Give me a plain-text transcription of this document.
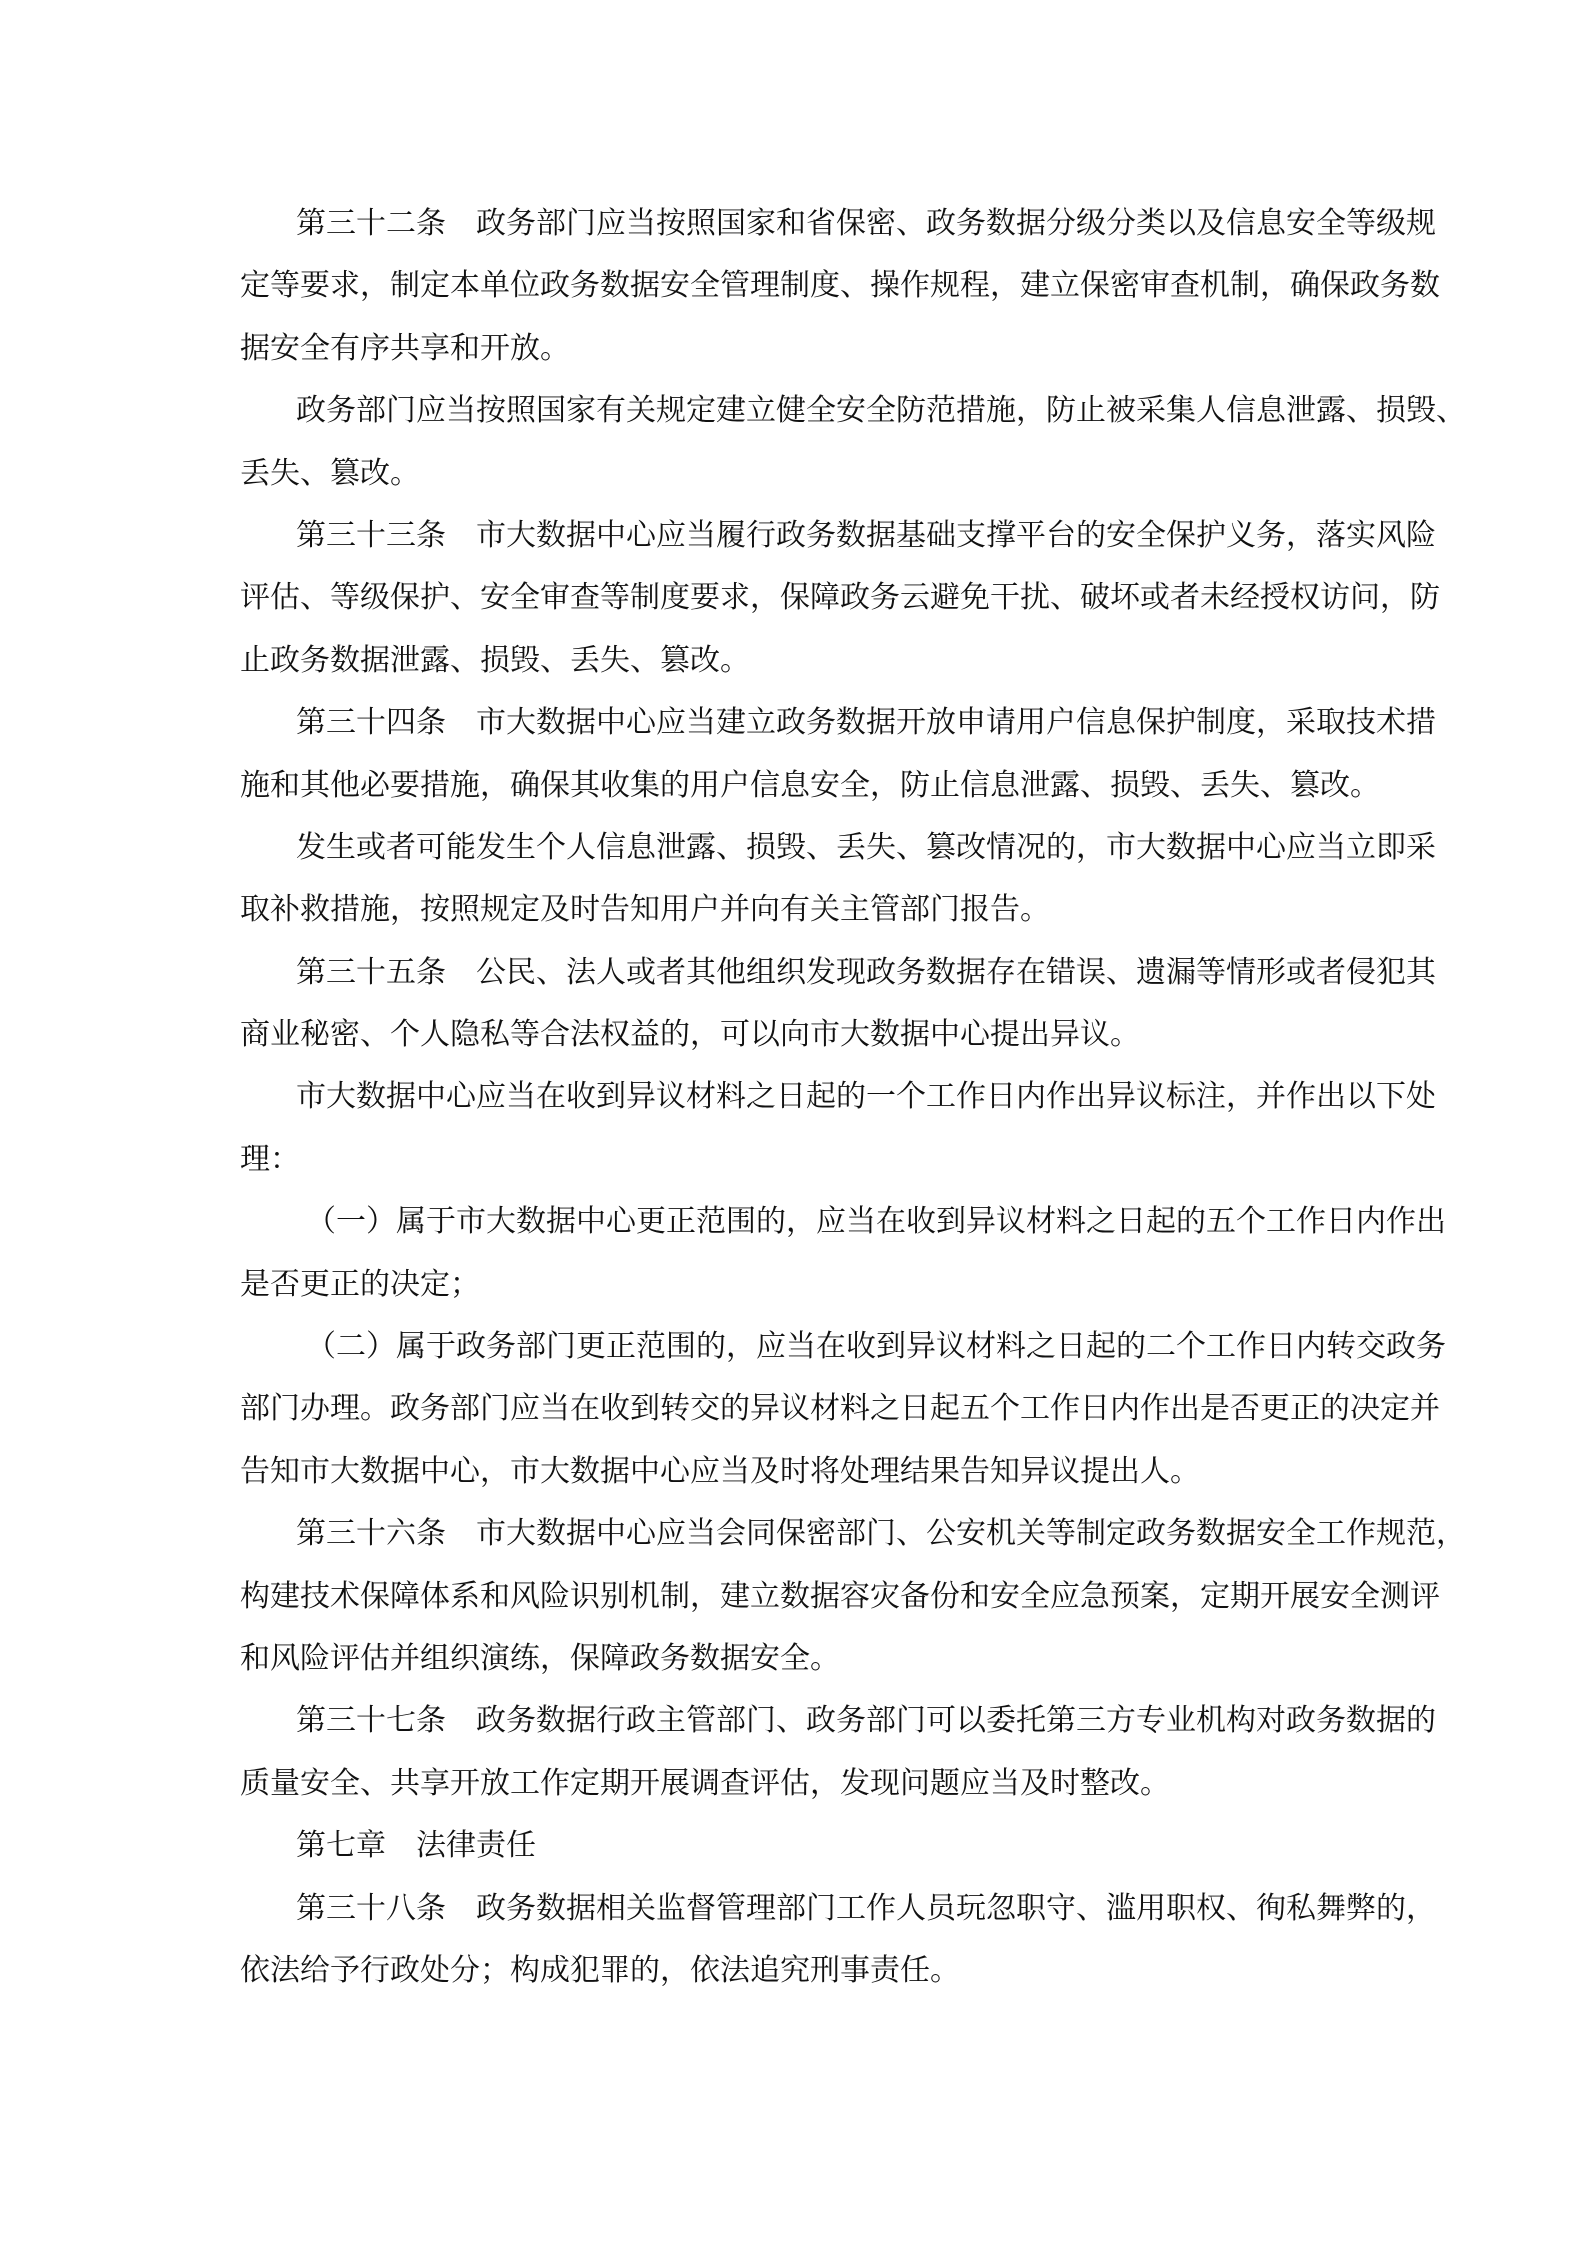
第三十二条　政务部门应当按照国家和省保密、政务数据分级分类以及信息安全等级规
定等要求，制定本单位政务数据安全管理制度、操作规程，建立保密审查机制，确保政务数
据安全有序共享和开放。
政务部门应当按照国家有关规定建立健全安全防范措施，防止被采集人信息泄露、损毁、
丢失、篡改。
第三十三条　市大数据中心应当履行政务数据基础支撑平台的安全保护义务，落实风险
评估、等级保护、安全审查等制度要求，保障政务云避免干扰、破坏或者未经授权访问，防
止政务数据泄露、损毁、丢失、篡改。
第三十四条　市大数据中心应当建立政务数据开放申请用户信息保护制度，采取技术措
施和其他必要措施，确保其收集的用户信息安全，防止信息泄露、损毁、丢失、篡改。
发生或者可能发生个人信息泄露、损毁、丢失、篡改情况的，市大数据中心应当立即采
取补救措施，按照规定及时告知用户并向有关主管部门报告。
第三十五条　公民、法人或者其他组织发现政务数据存在错误、遗漏等情形或者侵犯其
商业秘密、个人隐私等合法权益的，可以向市大数据中心提出异议。
市大数据中心应当在收到异议材料之日起的一个工作日内作出异议标注，并作出以下处
理：
（一）属于市大数据中心更正范围的，应当在收到异议材料之日起的五个工作日内作出
是否更正的决定；
（二）属于政务部门更正范围的，应当在收到异议材料之日起的二个工作日内转交政务
部门办理。政务部门应当在收到转交的异议材料之日起五个工作日内作出是否更正的决定并
告知市大数据中心，市大数据中心应当及时将处理结果告知异议提出人。
第三十六条　市大数据中心应当会同保密部门、公安机关等制定政务数据安全工作规范，
构建技术保障体系和风险识别机制，建立数据容灾备份和安全应急预案，定期开展安全测评
和风险评估并组织演练，保障政务数据安全。
第三十七条　政务数据行政主管部门、政务部门可以委托第三方专业机构对政务数据的
质量安全、共享开放工作定期开展调查评估，发现问题应当及时整改。
第七章　法律责任
第三十八条　政务数据相关监督管理部门工作人员玩忽职守、滥用职权、徇私舞弊的，
依法给予行政处分；构成犯罪的，依法追究刑事责任。
